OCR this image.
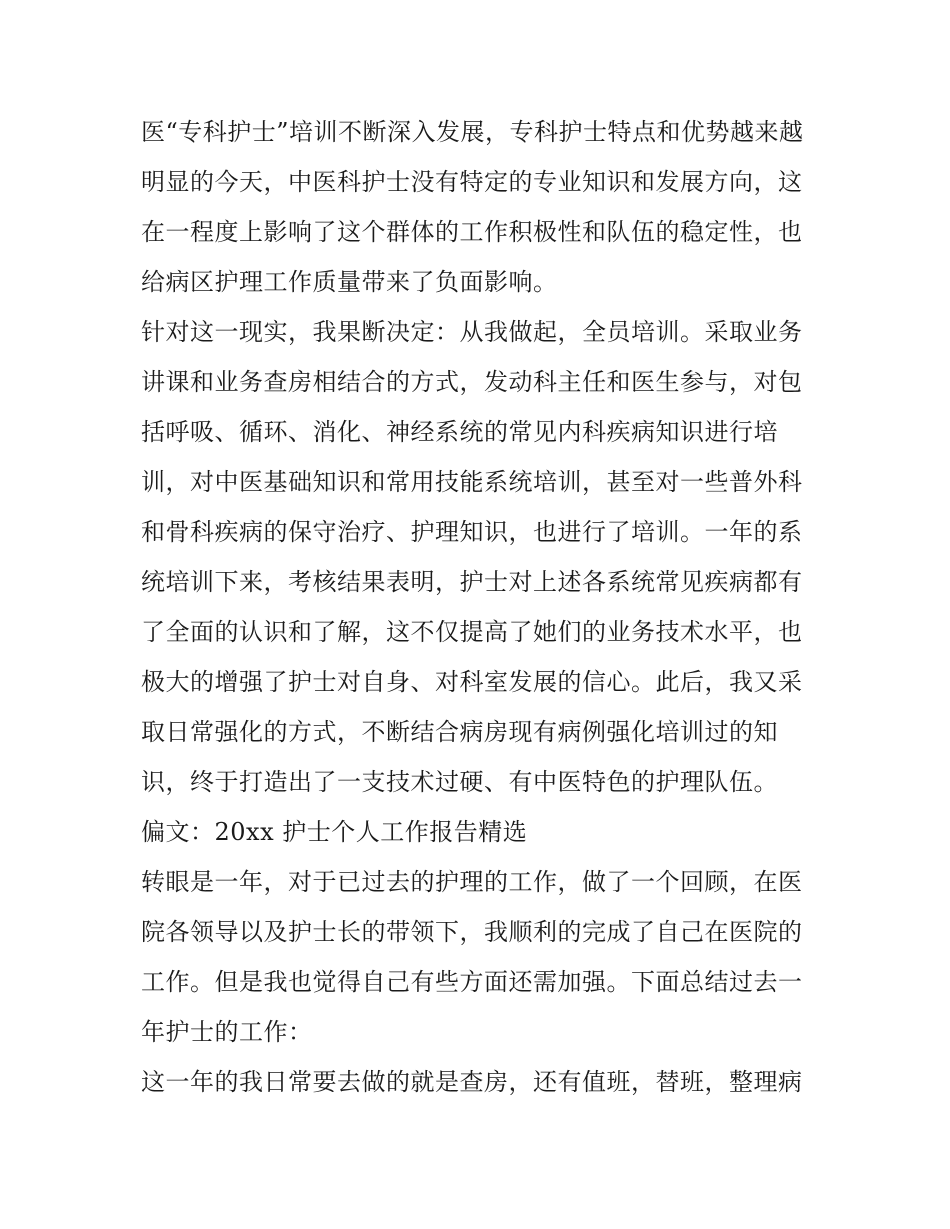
医“专科护士”培训不断深入发展，专科护士特点和优势越来越
明显的今天，中医科护士没有特定的专业知识和发展方向，这
在一程度上影响了这个群体的工作积极性和队伍的稳定性，也
给病区护理工作质量带来了负面影响。
针对这一现实，我果断决定：从我做起，全员培训。采取业务
讲课和业务查房相结合的方式，发动科主任和医生参与，对包
括呼吸、循环、消化、神经系统的常见内科疾病知识进行培
训，对中医基础知识和常用技能系统培训，甚至对一些普外科
和骨科疾病的保守治疗、护理知识，也进行了培训。一年的系
统培训下来，考核结果表明，护士对上述各系统常见疾病都有
了全面的认识和了解，这不仅提高了她们的业务技术水平，也
极大的增强了护士对自身、对科室发展的信心。此后，我又采
取日常强化的方式，不断结合病房现有病例强化培训过的知
识，终于打造出了一支技术过硬、有中医特色的护理队伍。
偏文：20xx 护士个人工作报告精选
转眼是一年，对于已过去的护理的工作，做了一个回顾，在医
院各领导以及护士长的带领下，我顺利的完成了自己在医院的
工作。但是我也觉得自己有些方面还需加强。下面总结过去一
年护士的工作：
这一年的我日常要去做的就是查房，还有值班，替班，整理病
